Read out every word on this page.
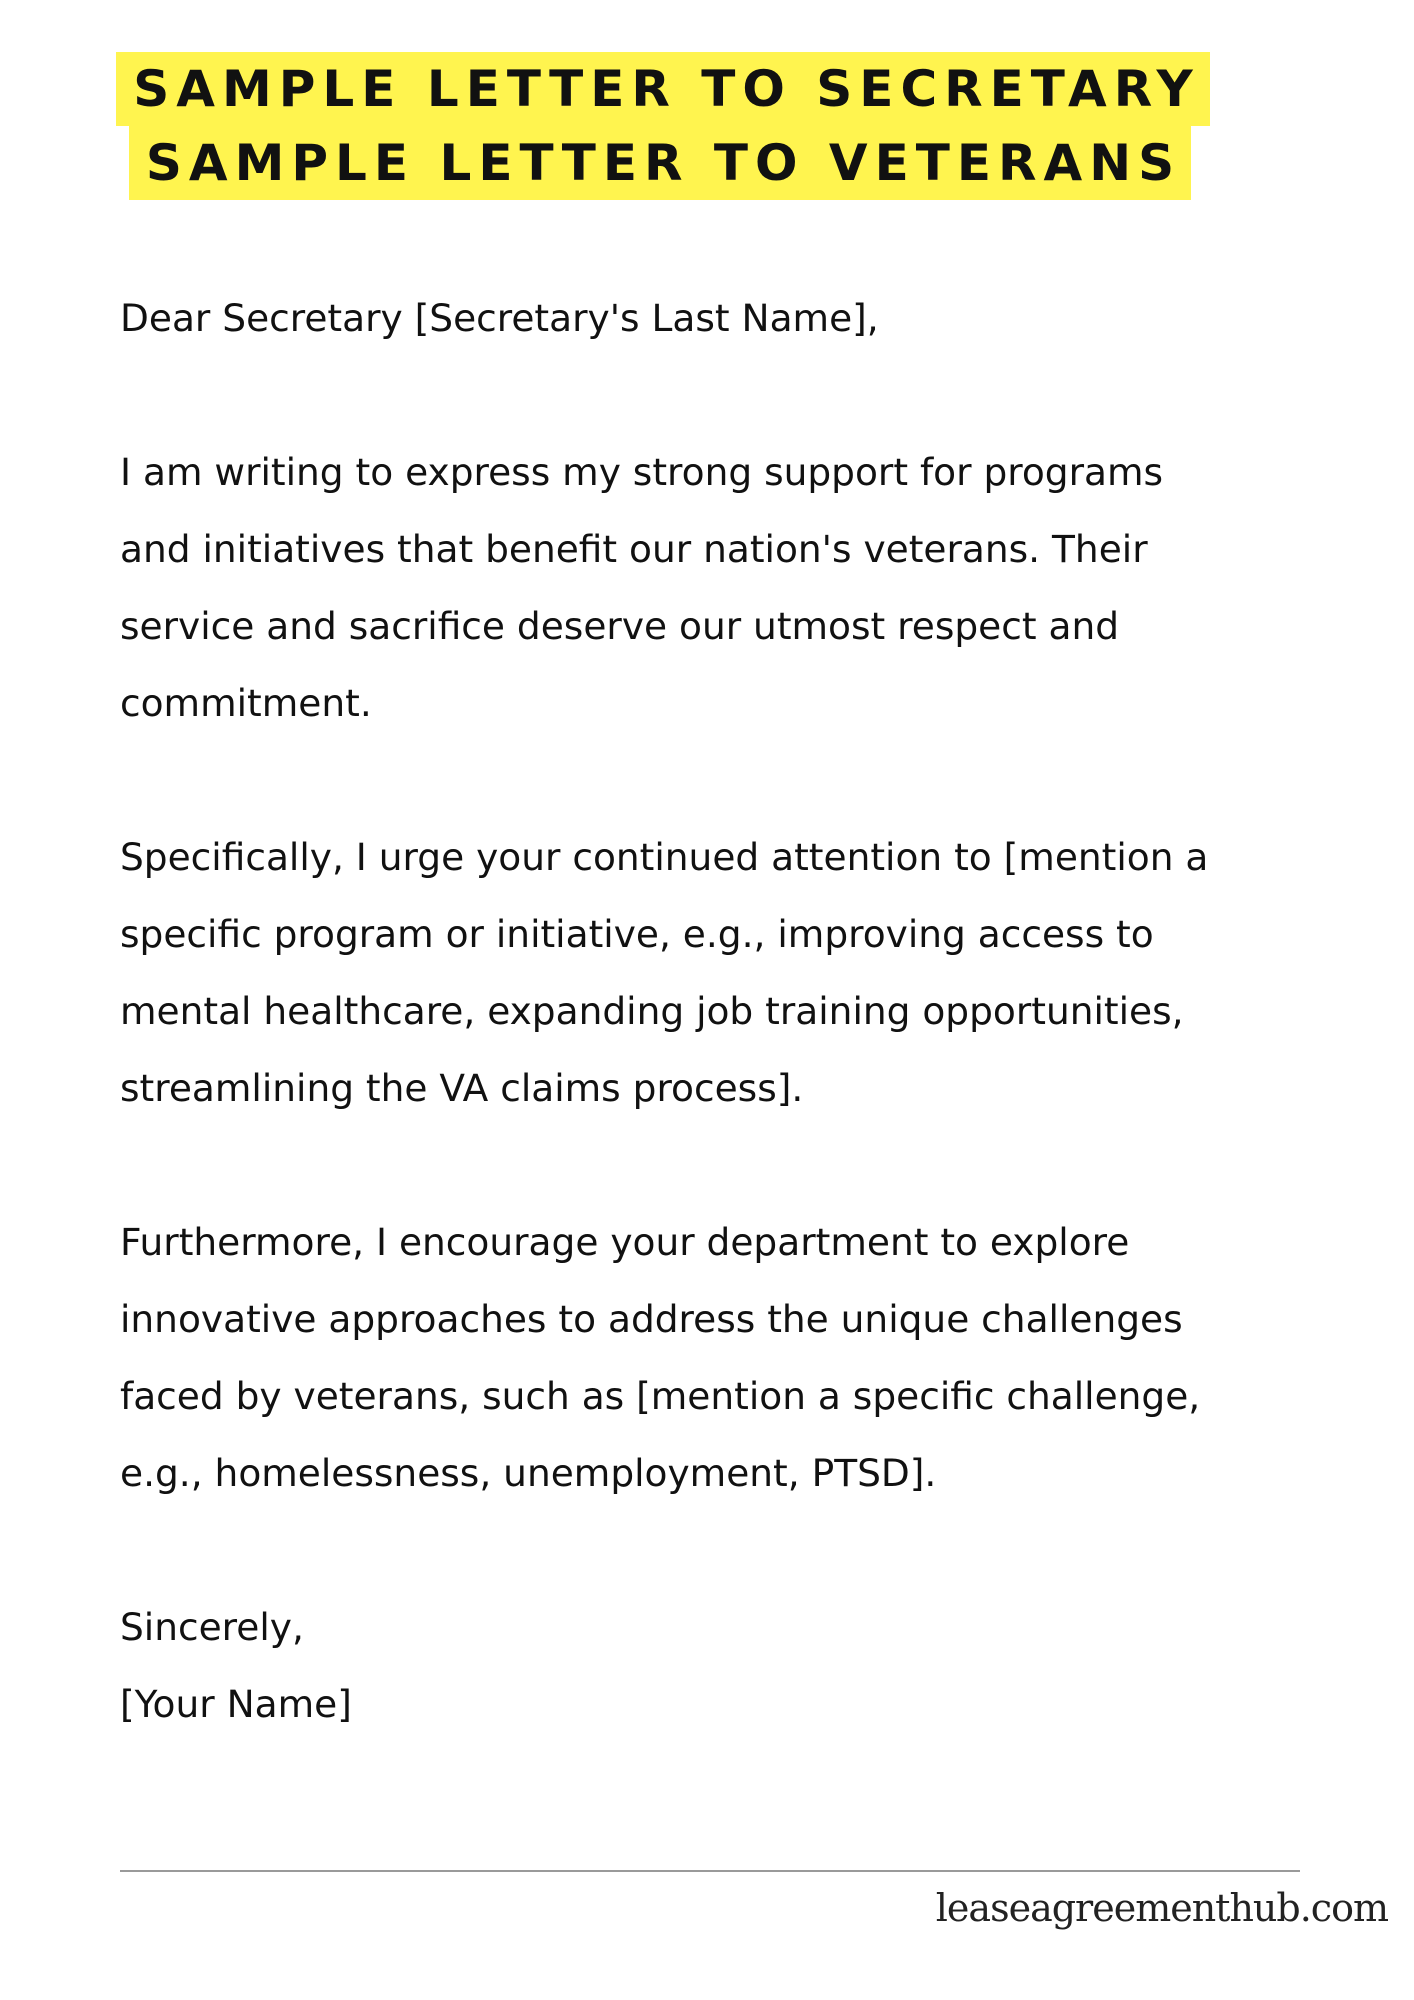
SAMPLE LETTER TO SECRETARY
SAMPLE LETTER TO VETERANS

Dear Secretary [Secretary's Last Name],

I am writing to express my strong support for programs
and initiatives that benefit our nation's veterans. Their
service and sacrifice deserve our utmost respect and
commitment.

Specifically, I urge your continued attention to [mention a
specific program or initiative, e.g., improving access to
mental healthcare, expanding job training opportunities,
streamlining the VA claims process].

Furthermore, I encourage your department to explore
innovative approaches to address the unique challenges
faced by veterans, such as [mention a specific challenge,
e.g., homelessness, unemployment, PTSD].

Sincerely,
[Your Name]

leaseagreementhub.com
